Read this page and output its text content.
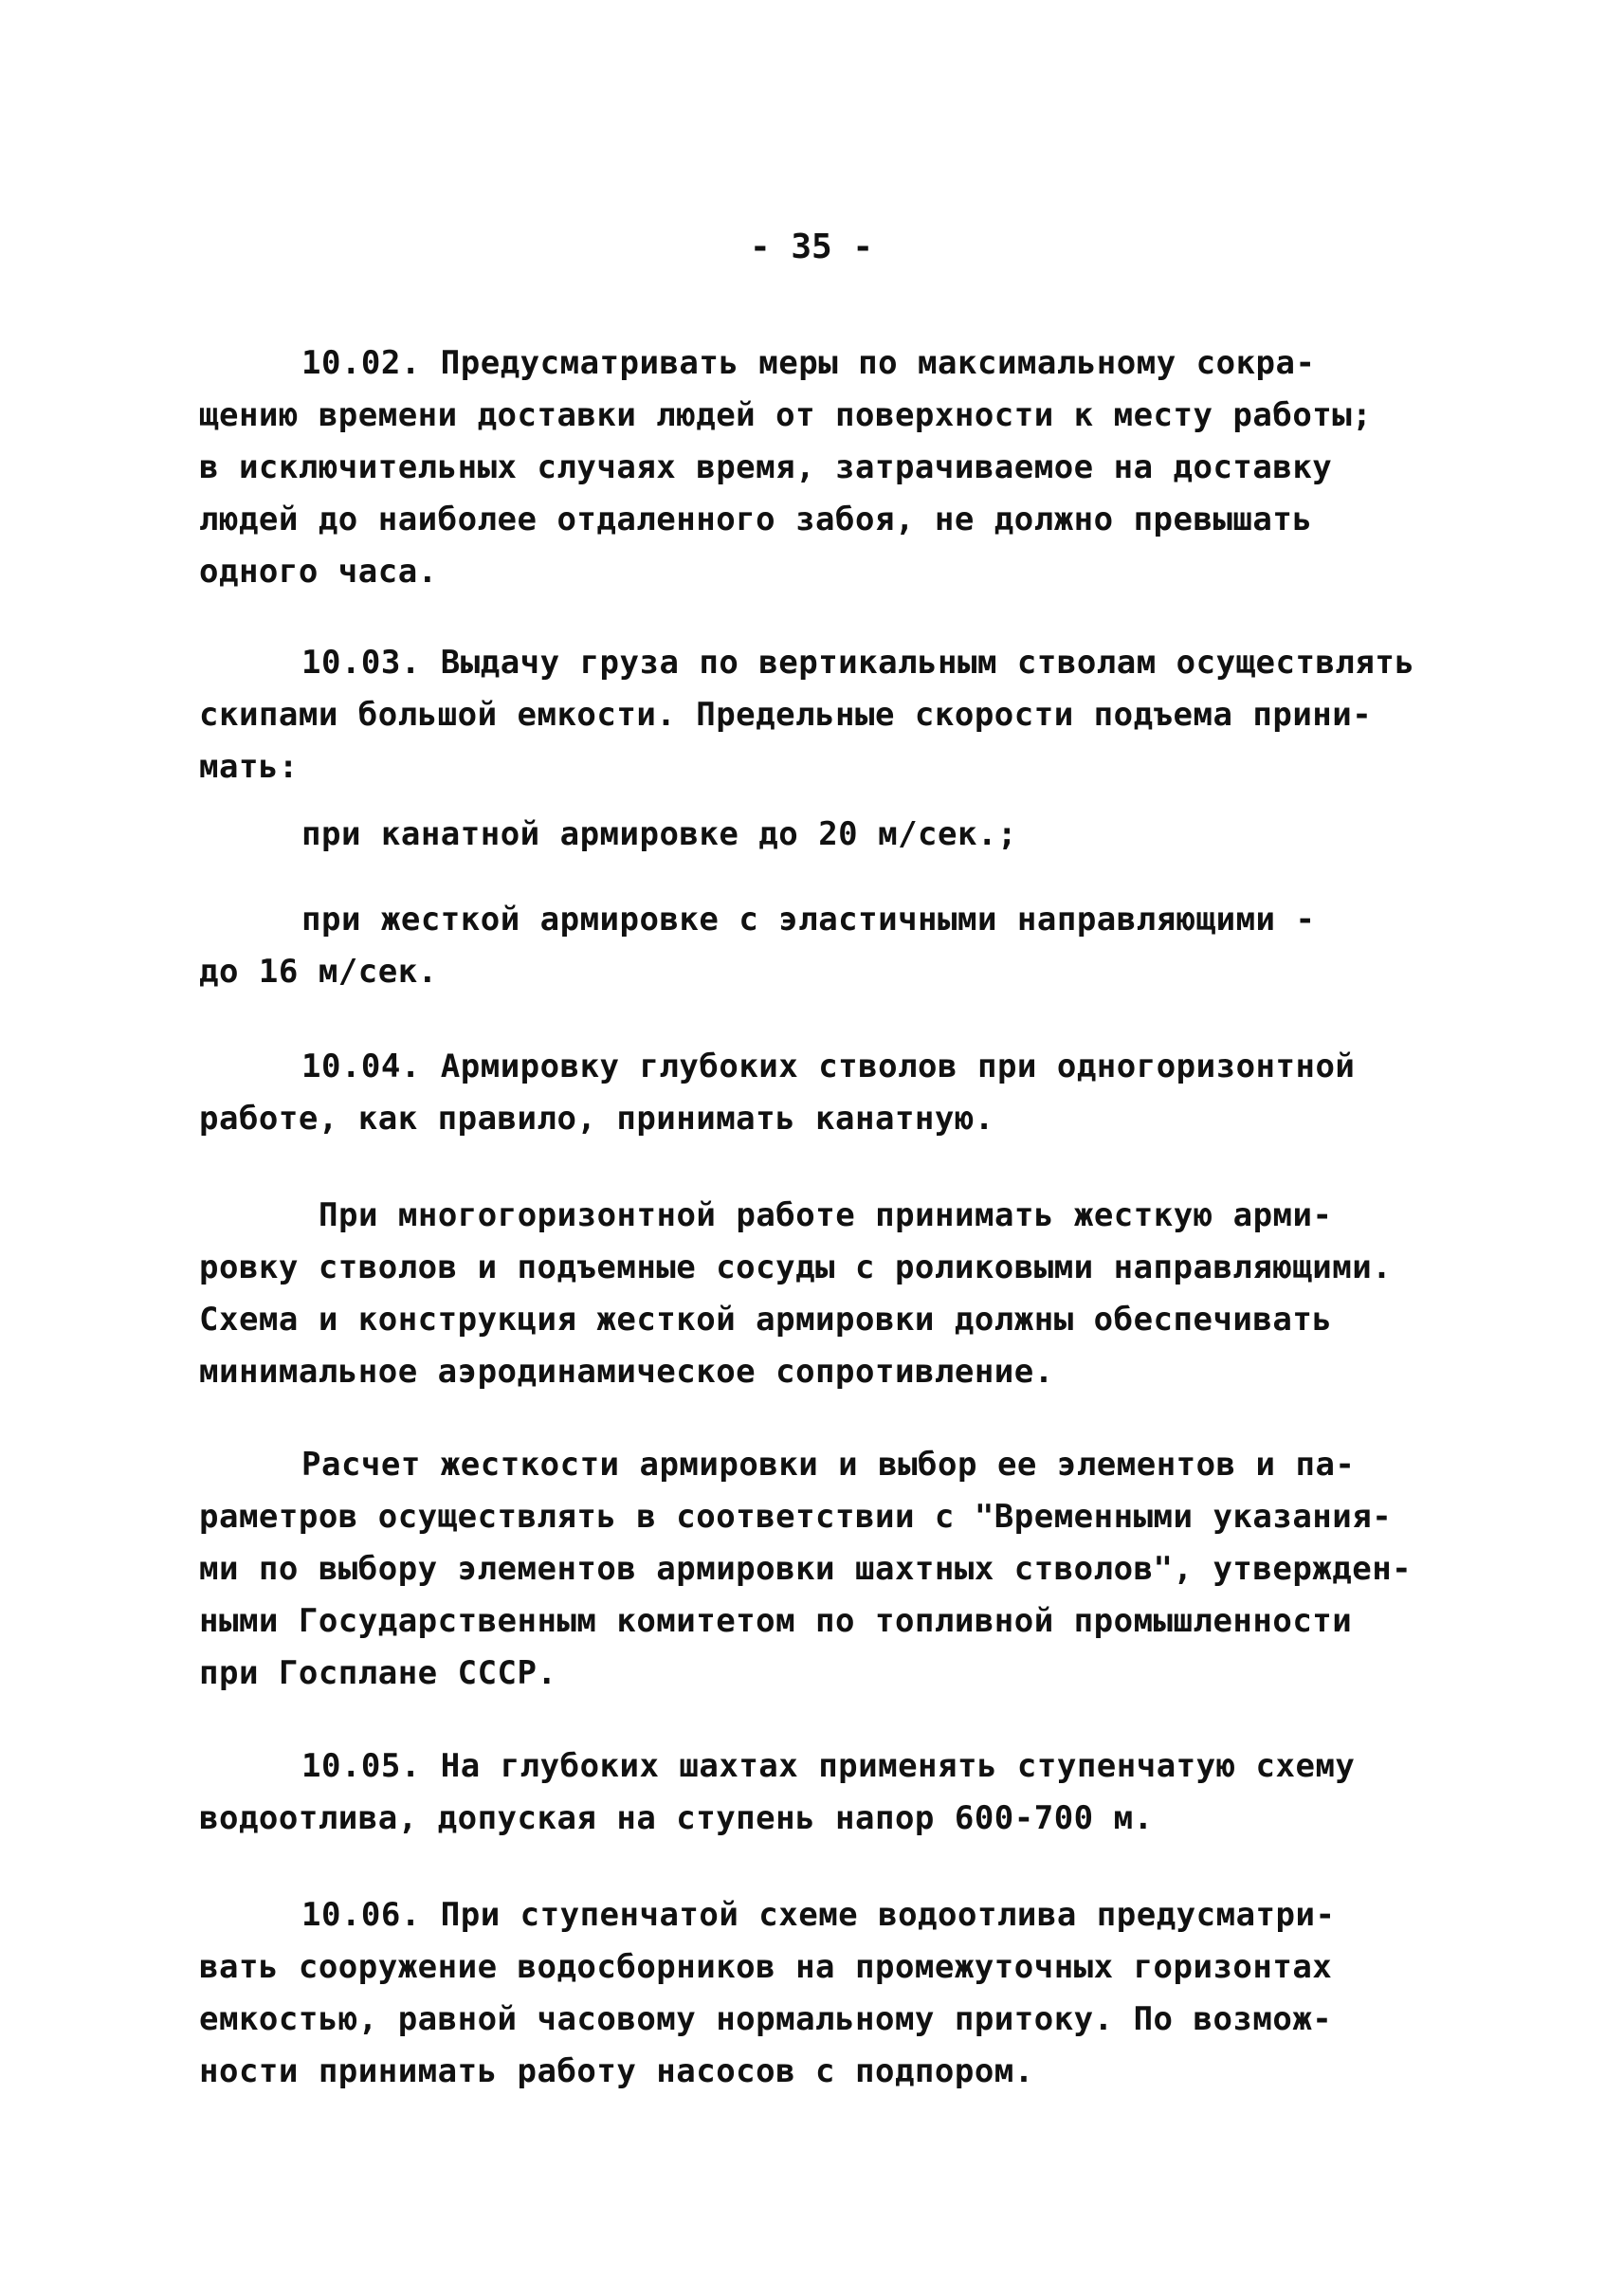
- 35 -
10.02. Предусматривать меры по максимальному сокра-
щению времени доставки людей от поверхности к месту работы;
в исключительных случаях время, затрачиваемое на доставку
людей до наиболее отдаленного забоя, не должно превышать
одного часа.
10.03. Выдачу груза по вертикальным стволам осуществлять
скипами большой емкости. Предельные скорости подъема прини-
мать:
при канатной армировке до 20 м/сек.;
при жесткой армировке с эластичными направляющими -
до 16 м/сек.
10.04. Армировку глубоких стволов при одногоризонтной
работе, как правило, принимать канатную.
При многогоризонтной работе принимать жесткую арми-
ровку стволов и подъемные сосуды с роликовыми направляющими.
Схема и конструкция жесткой армировки должны обеспечивать
минимальное аэродинамическое сопротивление.
Расчет жесткости армировки и выбор ее элементов и па-
раметров осуществлять в соответствии с "Временными указания-
ми по выбору элементов армировки шахтных стволов", утвержден-
ными Государственным комитетом по топливной промышленности
при Госплане СССР.
10.05. На глубоких шахтах применять ступенчатую схему
водоотлива, допуская на ступень напор 600-700 м.
10.06. При ступенчатой схеме водоотлива предусматри-
вать сооружение водосборников на промежуточных горизонтах
емкостью, равной часовому нормальному притоку. По возмож-
ности принимать работу насосов с подпором.
